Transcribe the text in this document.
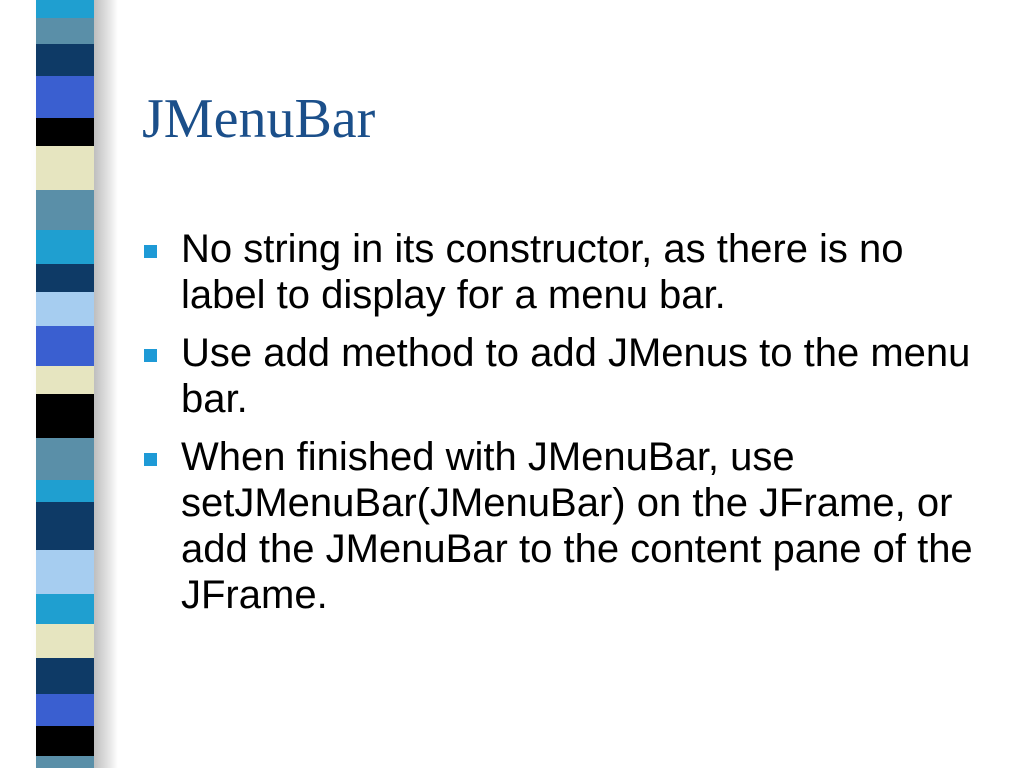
JMenuBar
No string in its constructor, as there is no label to display for a menu bar.
Use add method to add JMenus to the menu bar.
When finished with JMenuBar, use setJMenuBar(JMenuBar) on the JFrame, or add the JMenuBar to the content pane of the JFrame.
